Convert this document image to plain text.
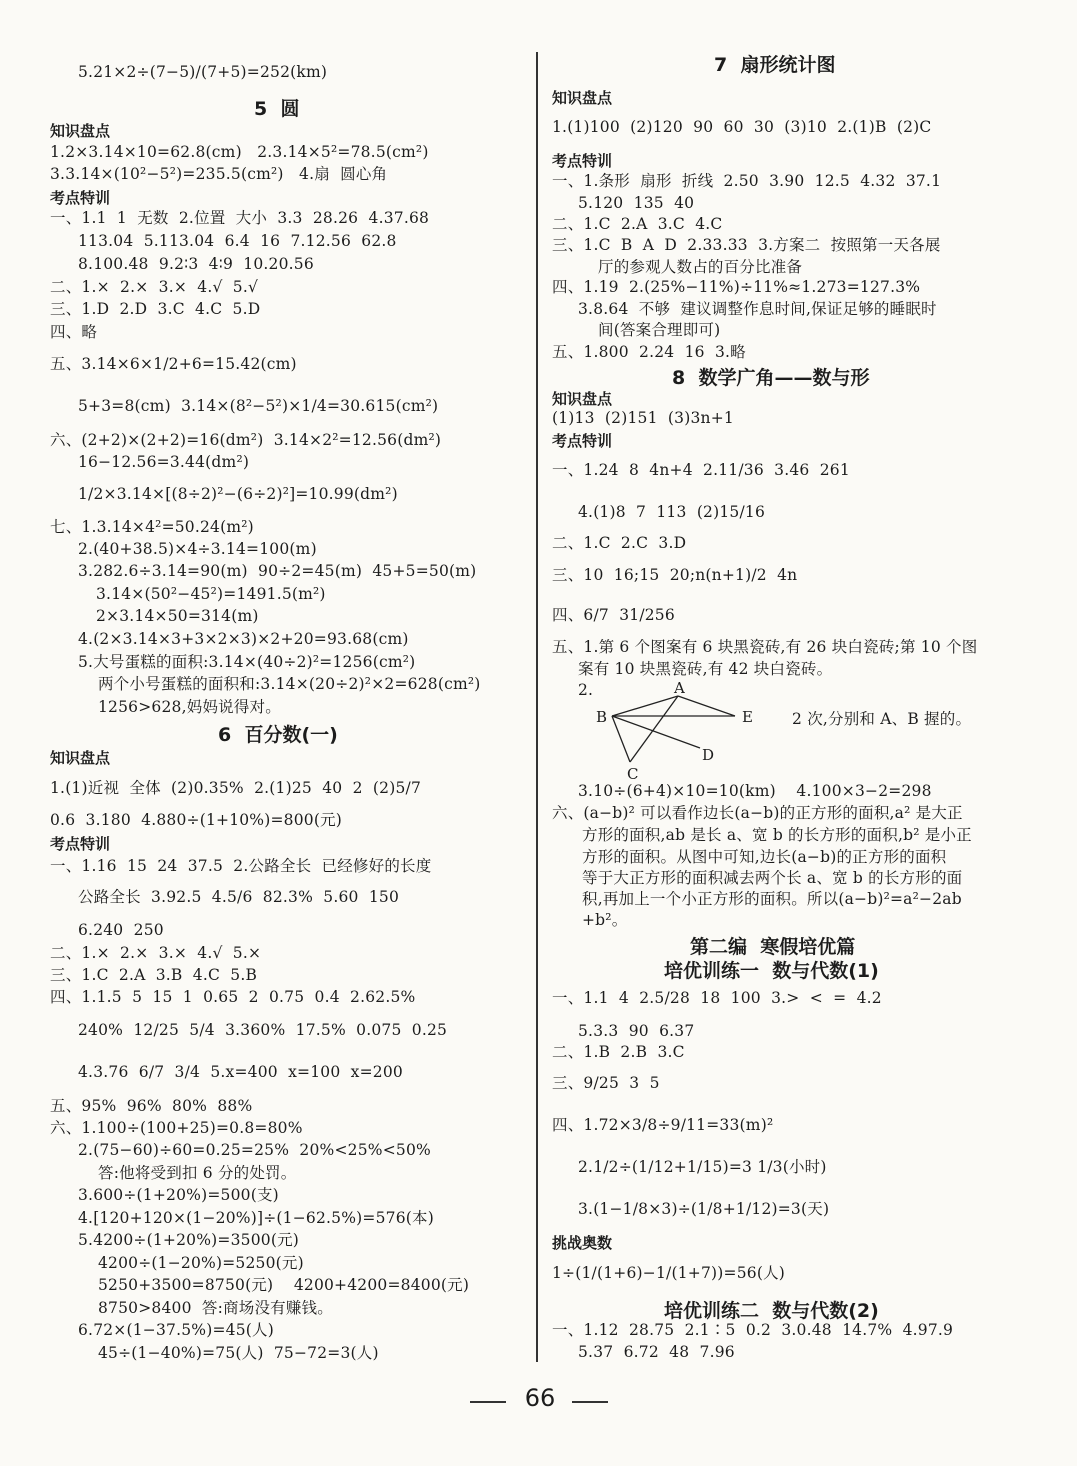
5.21×2÷(7−5)/(7+5)=252(km)
5  圆
知识盘点
1.2×3.14×10=62.8(cm)   2.3.14×5²=78.5(cm²)
3.3.14×(10²−5²)=235.5(cm²)   4.扇  圆心角
考点特训
一、1.1  1  无数  2.位置  大小  3.3  28.26  4.37.68
113.04  5.113.04  6.4  16  7.12.56  62.8
8.100.48  9.2∶3  4∶9  10.20.56
二、1.×  2.×  3.×  4.√  5.√
三、1.D  2.D  3.C  4.C  5.D
四、略
五、3.14×6×1/2+6=15.42(cm)
5+3=8(cm)  3.14×(8²−5²)×1/4=30.615(cm²)
六、(2+2)×(2+2)=16(dm²)  3.14×2²=12.56(dm²)
16−12.56=3.44(dm²)
1/2×3.14×[(8÷2)²−(6÷2)²]=10.99(dm²)
七、1.3.14×4²=50.24(m²)
2.(40+38.5)×4÷3.14=100(m)
3.282.6÷3.14=90(m)  90÷2=45(m)  45+5=50(m)
3.14×(50²−45²)=1491.5(m²)
2×3.14×50=314(m)
4.(2×3.14×3+3×2×3)×2+20=93.68(cm)
5.大号蛋糕的面积:3.14×(40÷2)²=1256(cm²)
两个小号蛋糕的面积和:3.14×(20÷2)²×2=628(cm²)
1256>628,妈妈说得对。
6  百分数(一)
知识盘点
1.(1)近视  全体  (2)0.35%  2.(1)25  40  2  (2)5/7
0.6  3.180  4.880÷(1+10%)=800(元)
考点特训
一、1.16  15  24  37.5  2.公路全长  已经修好的长度
公路全长  3.92.5  4.5/6  82.3%  5.60  150
6.240  250
二、1.×  2.×  3.×  4.√  5.×
三、1.C  2.A  3.B  4.C  5.B
四、1.1.5  5  15  1  0.65  2  0.75  0.4  2.62.5%
240%  12/25  5/4  3.360%  17.5%  0.075  0.25
4.3.76  6/7  3/4  5.x=400  x=100  x=200
五、95%  96%  80%  88%
六、1.100÷(100+25)=0.8=80%
2.(75−60)÷60=0.25=25%  20%<25%<50%
答:他将受到扣 6 分的处罚。
3.600÷(1+20%)=500(支)
4.[120+120×(1−20%)]÷(1−62.5%)=576(本)
5.4200÷(1+20%)=3500(元)
4200÷(1−20%)=5250(元)
5250+3500=8750(元)    4200+4200=8400(元)
8750>8400  答:商场没有赚钱。
6.72×(1−37.5%)=45(人)
45÷(1−40%)=75(人)  75−72=3(人)
7  扇形统计图
知识盘点
1.(1)100  (2)120  90  60  30  (3)10  2.(1)B  (2)C
考点特训
一、1.条形  扇形  折线  2.50  3.90  12.5  4.32  37.1
5.120  135  40
二、1.C  2.A  3.C  4.C
三、1.C  B  A  D  2.33.33  3.方案二  按照第一天各展
厅的参观人数占的百分比准备
四、1.19  2.(25%−11%)÷11%≈1.273=127.3%
3.8.64  不够  建议调整作息时间,保证足够的睡眠时
间(答案合理即可)
五、1.800  2.24  16  3.略
8  数学广角——数与形
知识盘点
(1)13  (2)151  (3)3n+1
考点特训
一、1.24  8  4n+4  2.11/36  3.46  261
4.(1)8  7  113  (2)15/16
二、1.C  2.C  3.D
三、10  16;15  20;n(n+1)/2  4n
四、6/7  31/256
五、1.第 6 个图案有 6 块黑瓷砖,有 26 块白瓷砖;第 10 个图
案有 10 块黑瓷砖,有 42 块白瓷砖。
2.	A
B
C
D
E	2 次,分别和 A、B 握的。
3.10÷(6+4)×10=10(km)    4.100×3−2=298
六、(a−b)² 可以看作边长(a−b)的正方形的面积,a² 是大正
方形的面积,ab 是长 a、宽 b 的长方形的面积,b² 是小正
方形的面积。从图中可知,边长(a−b)的正方形的面积
等于大正方形的面积减去两个长 a、宽 b 的长方形的面
积,再加上一个小正方形的面积。所以(a−b)²=a²−2ab
+b²。
第二编  寒假培优篇
培优训练一  数与代数(1)
一、1.1  4  2.5/28  18  100  3.>  <  =  4.2
5.3.3  90  6.37
二、1.B  2.B  3.C
三、9/25  3  5
四、1.72×3/8÷9/11=33(m)²
2.1/2÷(1/12+1/15)=3 1/3(小时)
3.(1−1/8×3)÷(1/8+1/12)=3(天)
挑战奥数
1÷(1/(1+6)−1/(1+7))=56(人)
培优训练二  数与代数(2)
一、1.12  28.75  2.1∶5  0.2  3.0.48  14.7%  4.97.9
5.37  6.72  48  7.96
66
